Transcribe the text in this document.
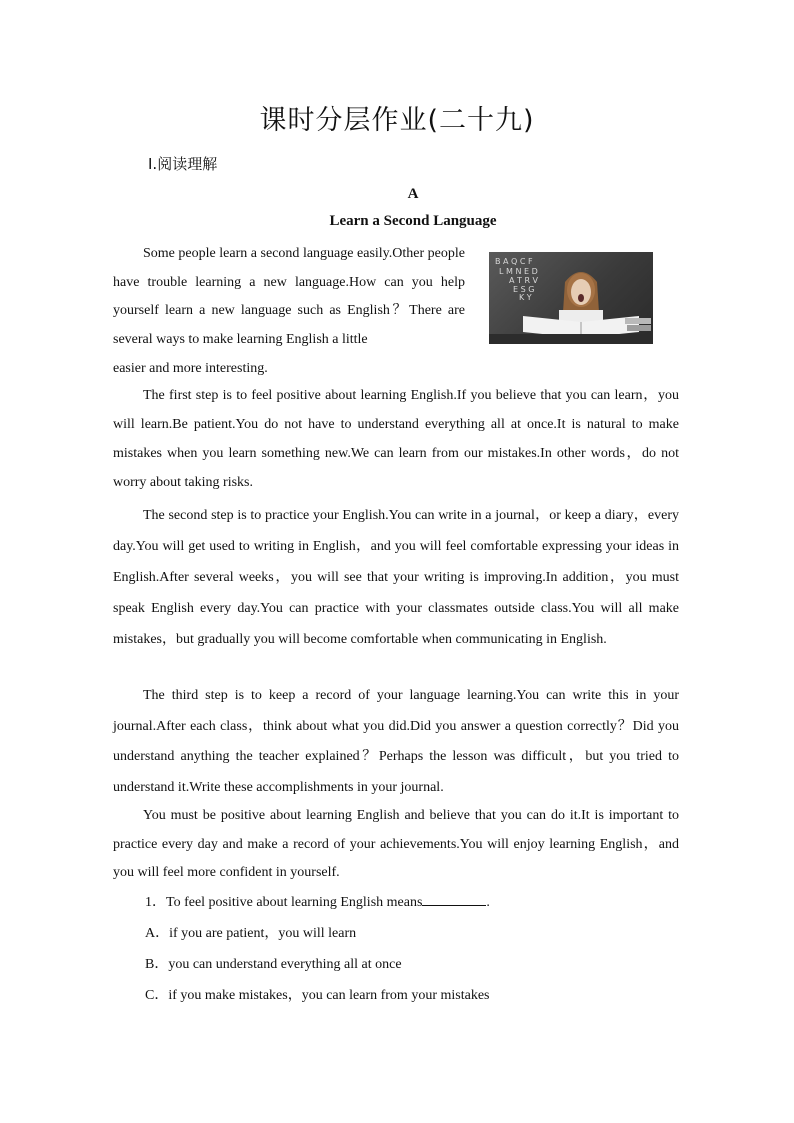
课时分层作业(二十九)
Ⅰ.阅读理解
A
Learn a Second Language
B A Q C F
L M N E D
A T R V
E S G
K Y

Some people learn a second language easily.Other people have trouble learning a new language.How can you help yourself learn a new language such as English？There are several ways to make learning English a little

easier and more interesting.

The first step is to feel positive about learning English.If you believe that you can learn，you will learn.Be patient.You do not have to understand everything all at once.It is natural to make mistakes when you learn something new.We can learn from our mistakes.In other words，do not worry about taking risks.

The second step is to practice your English.You can write in a journal，or keep a diary，every day.You will get used to writing in English，and you will feel comfortable expressing your ideas in English.After several weeks，you will see that your writing is improving.In addition，you must speak English every day.You can practice with your classmates outside class.You will all make mistakes，but gradually you will become comfortable when communicating in English.

The third step is to keep a record of your language learning.You can write this in your journal.After each class，think about what you did.Did you answer a question correctly？Did you understand anything the teacher explained？Perhaps the lesson was difficult，but you tried to understand it.Write these accomplishments in your journal.

You must be positive about learning English and believe that you can do it.It is important to practice every day and make a record of your achievements.You will enjoy learning English，and you will feel more confident in yourself.

1．To feel positive about learning English means	.

A．if you are patient，you will learn

B．you can understand everything all at once

C．if you make mistakes，you can learn from your mistakes
